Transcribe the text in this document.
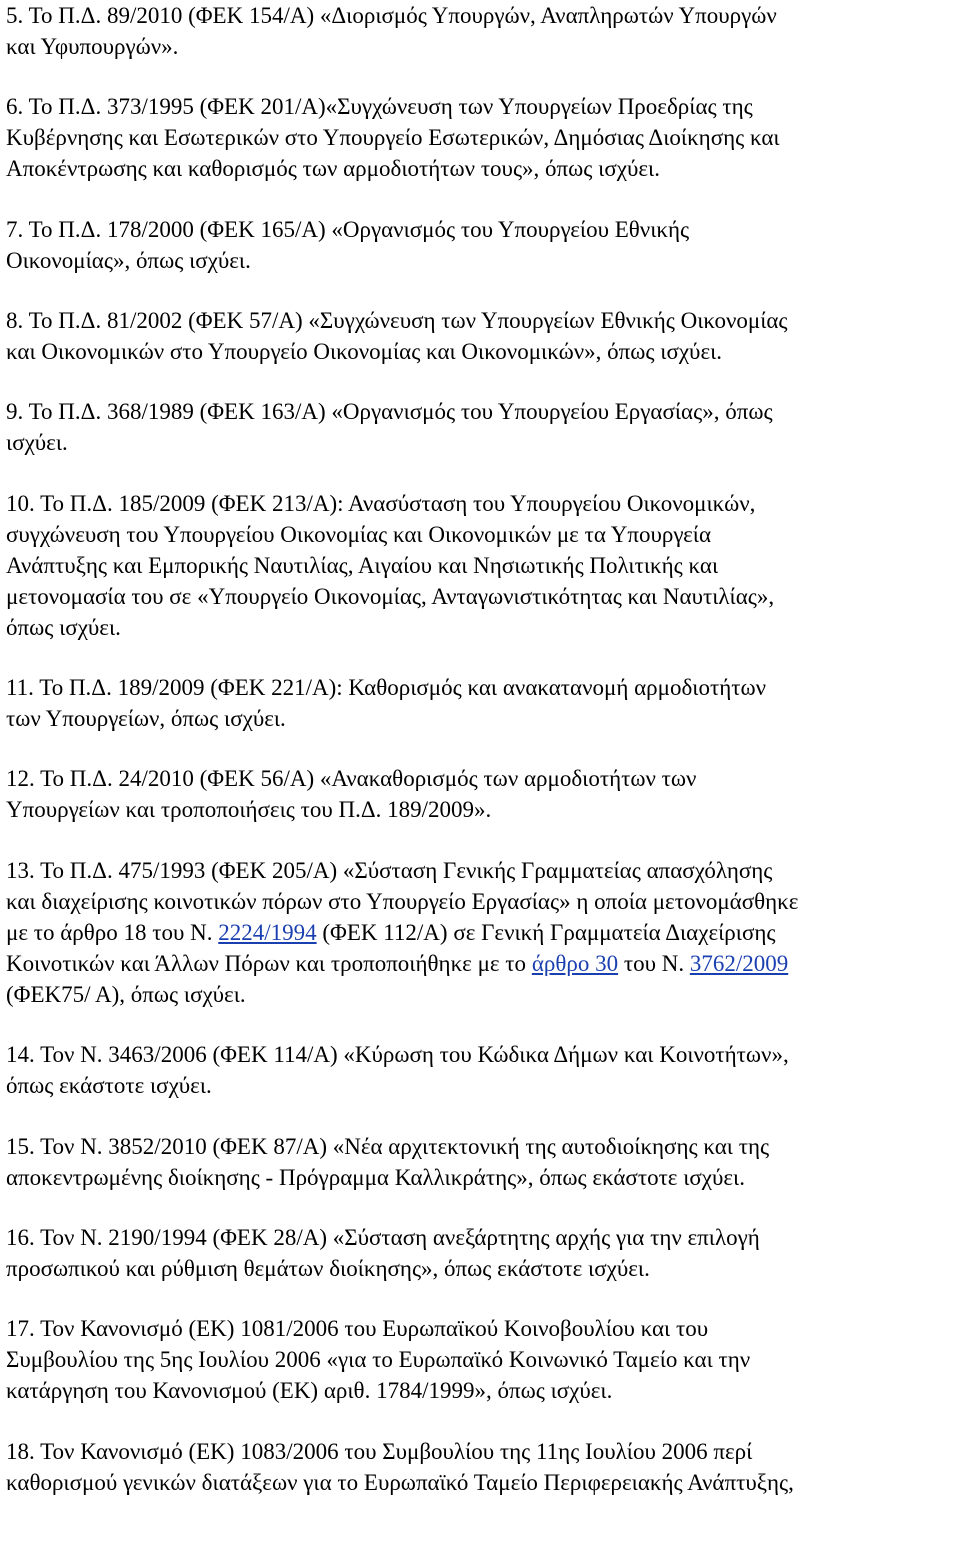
5. Το Π.Δ. 89/2010 (ΦΕΚ 154/Α) «Διορισμός Υπουργών, Αναπληρωτών Υπουργών
και Υφυπουργών».

6. Το Π.Δ. 373/1995 (ΦΕΚ 201/Α)«Συγχώνευση των Υπουργείων Προεδρίας της
Κυβέρνησης και Εσωτερικών στο Υπουργείο Εσωτερικών, Δημόσιας Διοίκησης και
Αποκέντρωσης και καθορισμός των αρμοδιοτήτων τους», όπως ισχύει.

7. Το Π.Δ. 178/2000 (ΦΕΚ 165/Α) «Οργανισμός του Υπουργείου Εθνικής
Οικονομίας», όπως ισχύει.

8. Το Π.Δ. 81/2002 (ΦΕΚ 57/Α) «Συγχώνευση των Υπουργείων Εθνικής Οικονομίας
και Οικονομικών στο Υπουργείο Οικονομίας και Οικονομικών», όπως ισχύει.

9. Το Π.Δ. 368/1989 (ΦΕΚ 163/Α) «Οργανισμός του Υπουργείου Εργασίας», όπως
ισχύει.

10. Το Π.Δ. 185/2009 (ΦΕΚ 213/Α): Ανασύσταση του Υπουργείου Οικονομικών,
συγχώνευση του Υπουργείου Οικονομίας και Οικονομικών με τα Υπουργεία
Ανάπτυξης και Εμπορικής Ναυτιλίας, Αιγαίου και Νησιωτικής Πολιτικής και
μετονομασία του σε «Υπουργείο Οικονομίας, Ανταγωνιστικότητας και Ναυτιλίας»,
όπως ισχύει.

11. Το Π.Δ. 189/2009 (ΦΕΚ 221/Α): Καθορισμός και ανακατανομή αρμοδιοτήτων
των Υπουργείων, όπως ισχύει.

12. Το Π.Δ. 24/2010 (ΦΕΚ 56/Α) «Ανακαθορισμός των αρμοδιοτήτων των
Υπουργείων και τροποποιήσεις του Π.Δ. 189/2009».

13. Το Π.Δ. 475/1993 (ΦΕΚ 205/Α) «Σύσταση Γενικής Γραμματείας απασχόλησης
και διαχείρισης κοινοτικών πόρων στο Υπουργείο Εργασίας» η οποία μετονομάσθηκε
με το άρθρο 18 του Ν. 2224/1994 (ΦΕΚ 112/Α) σε Γενική Γραμματεία Διαχείρισης
Κοινοτικών και Άλλων Πόρων και τροποποιήθηκε με το άρθρο 30 του Ν. 3762/2009
(ΦΕΚ75/ Α), όπως ισχύει.

14. Τον Ν. 3463/2006 (ΦΕΚ 114/Α) «Κύρωση του Κώδικα Δήμων και Κοινοτήτων»,
όπως εκάστοτε ισχύει.

15. Τον Ν. 3852/2010 (ΦΕΚ 87/Α) «Νέα αρχιτεκτονική της αυτοδιοίκησης και της
αποκεντρωμένης διοίκησης - Πρόγραμμα Καλλικράτης», όπως εκάστοτε ισχύει.

16. Τον Ν. 2190/1994 (ΦΕΚ 28/Α) «Σύσταση ανεξάρτητης αρχής για την επιλογή
προσωπικού και ρύθμιση θεμάτων διοίκησης», όπως εκάστοτε ισχύει.

17. Τον Κανονισμό (ΕΚ) 1081/2006 του Ευρωπαϊκού Κοινοβουλίου και του
Συμβουλίου της 5ης Ιουλίου 2006 «για το Ευρωπαϊκό Κοινωνικό Ταμείο και την
κατάργηση του Κανονισμού (ΕΚ) αριθ. 1784/1999», όπως ισχύει.

18. Τον Κανονισμό (ΕΚ) 1083/2006 του Συμβουλίου της 11ης Ιουλίου 2006 περί
καθορισμού γενικών διατάξεων για το Ευρωπαϊκό Ταμείο Περιφερειακής Ανάπτυξης,
